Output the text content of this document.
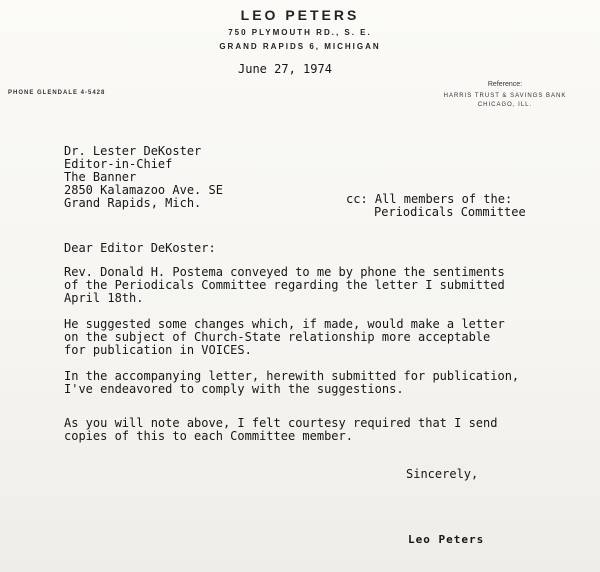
LEO PETERS
750 PLYMOUTH RD., S. E.
GRAND RAPIDS 6, MICHIGAN
PHONE GLENDALE 4-5428
Reference:
HARRIS TRUST & SAVINGS BANK
CHICAGO, ILL.
June 27, 1974
Dr. Lester DeKoster
Editor-in-Chief
The Banner
2850 Kalamazoo Ave. SE
Grand Rapids, Mich.	cc: All members of the:
Periodicals Committee
Dear Editor DeKoster:
Rev. Donald H. Postema conveyed to me by phone the sentiments
of the Periodicals Committee regarding the letter I submitted
April 18th.
He suggested some changes which, if made, would make a letter
on the subject of Church-State relationship more acceptable
for publication in VOICES.
In the accompanying letter, herewith submitted for publication,
I've endeavored to comply with the suggestions.
As you will note above, I felt courtesy required that I send
copies of this to each Committee member.
Sincerely,
Leo Peters
